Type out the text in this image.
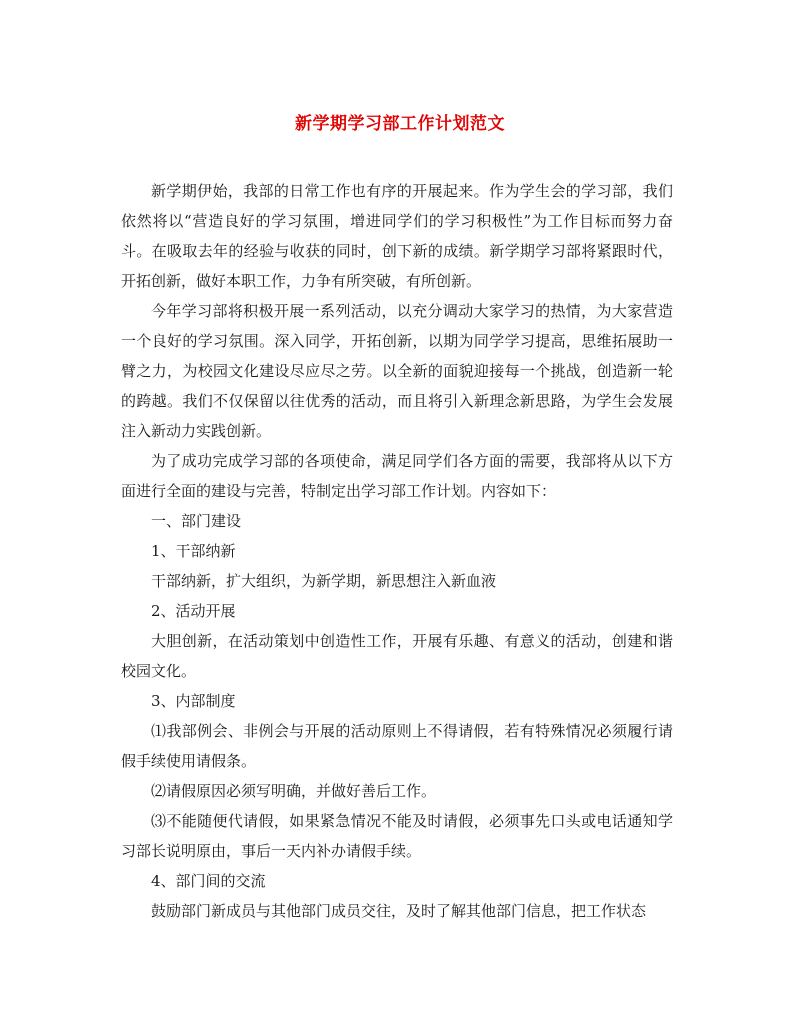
新学期学习部工作计划范文

新学期伊始，我部的日常工作也有序的开展起来。作为学生会的学习部，我们依然将以“营造良好的学习氛围，增进同学们的学习积极性”为工作目标而努力奋斗。在吸取去年的经验与收获的同时，创下新的成绩。新学期学习部将紧跟时代，开拓创新，做好本职工作，力争有所突破，有所创新。

今年学习部将积极开展一系列活动，以充分调动大家学习的热情，为大家营造一个良好的学习氛围。深入同学，开拓创新，以期为同学学习提高，思维拓展助一臂之力，为校园文化建设尽应尽之劳。以全新的面貌迎接每一个挑战，创造新一轮的跨越。我们不仅保留以往优秀的活动，而且将引入新理念新思路，为学生会发展注入新动力实践创新。

为了成功完成学习部的各项使命，满足同学们各方面的需要，我部将从以下方面进行全面的建设与完善，特制定出学习部工作计划。内容如下：

一、部门建设

1、干部纳新

干部纳新，扩大组织，为新学期，新思想注入新血液

2、活动开展

大胆创新，在活动策划中创造性工作，开展有乐趣、有意义的活动，创建和谐校园文化。

3、内部制度

⑴我部例会、非例会与开展的活动原则上不得请假，若有特殊情况必须履行请假手续使用请假条。

⑵请假原因必须写明确，并做好善后工作。

⑶不能随便代请假，如果紧急情况不能及时请假，必须事先口头或电话通知学习部长说明原由，事后一天内补办请假手续。

4、部门间的交流

鼓励部门新成员与其他部门成员交往，及时了解其他部门信息，把工作状态
